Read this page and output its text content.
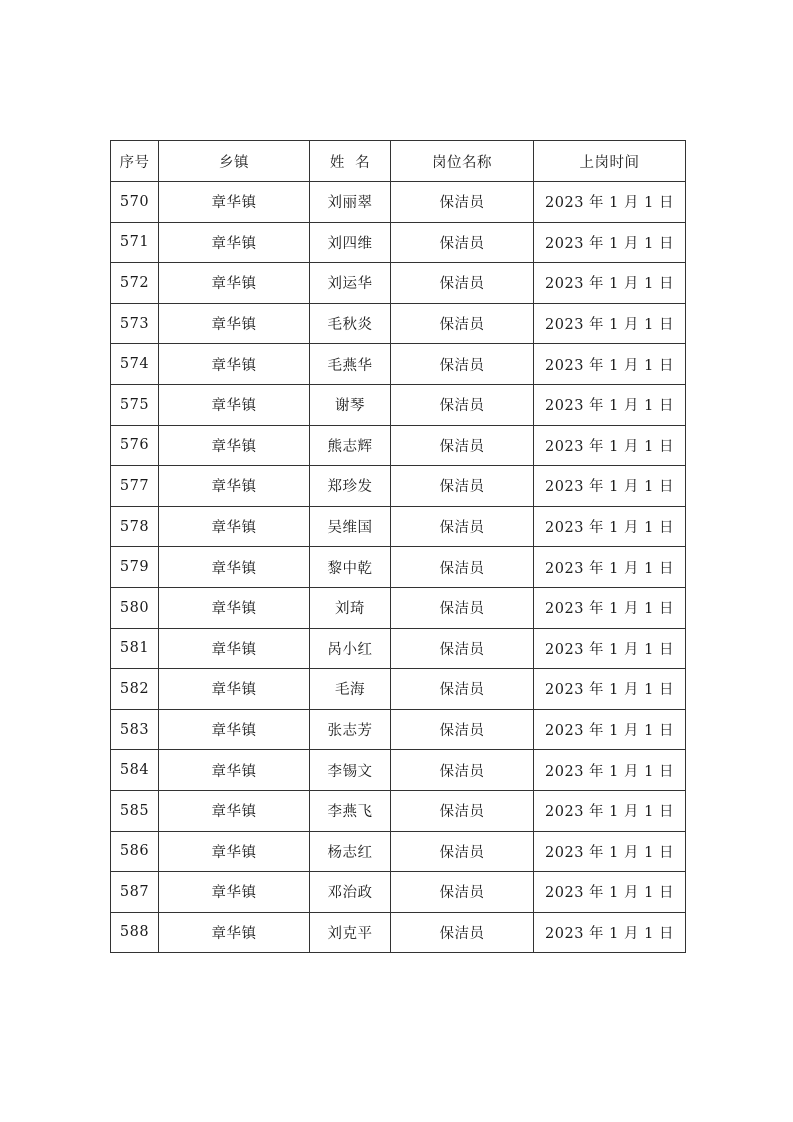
序号	乡镇	姓  名	岗位名称	上岗时间
570	章华镇	刘丽翠	保洁员	2023 年 1 月 1 日
571	章华镇	刘四维	保洁员	2023 年 1 月 1 日
572	章华镇	刘运华	保洁员	2023 年 1 月 1 日
573	章华镇	毛秋炎	保洁员	2023 年 1 月 1 日
574	章华镇	毛燕华	保洁员	2023 年 1 月 1 日
575	章华镇	谢琴	保洁员	2023 年 1 月 1 日
576	章华镇	熊志辉	保洁员	2023 年 1 月 1 日
577	章华镇	郑珍发	保洁员	2023 年 1 月 1 日
578	章华镇	吴维国	保洁员	2023 年 1 月 1 日
579	章华镇	黎中乾	保洁员	2023 年 1 月 1 日
580	章华镇	刘琦	保洁员	2023 年 1 月 1 日
581	章华镇	呙小红	保洁员	2023 年 1 月 1 日
582	章华镇	毛海	保洁员	2023 年 1 月 1 日
583	章华镇	张志芳	保洁员	2023 年 1 月 1 日
584	章华镇	李锡文	保洁员	2023 年 1 月 1 日
585	章华镇	李燕飞	保洁员	2023 年 1 月 1 日
586	章华镇	杨志红	保洁员	2023 年 1 月 1 日
587	章华镇	邓治政	保洁员	2023 年 1 月 1 日
588	章华镇	刘克平	保洁员	2023 年 1 月 1 日
